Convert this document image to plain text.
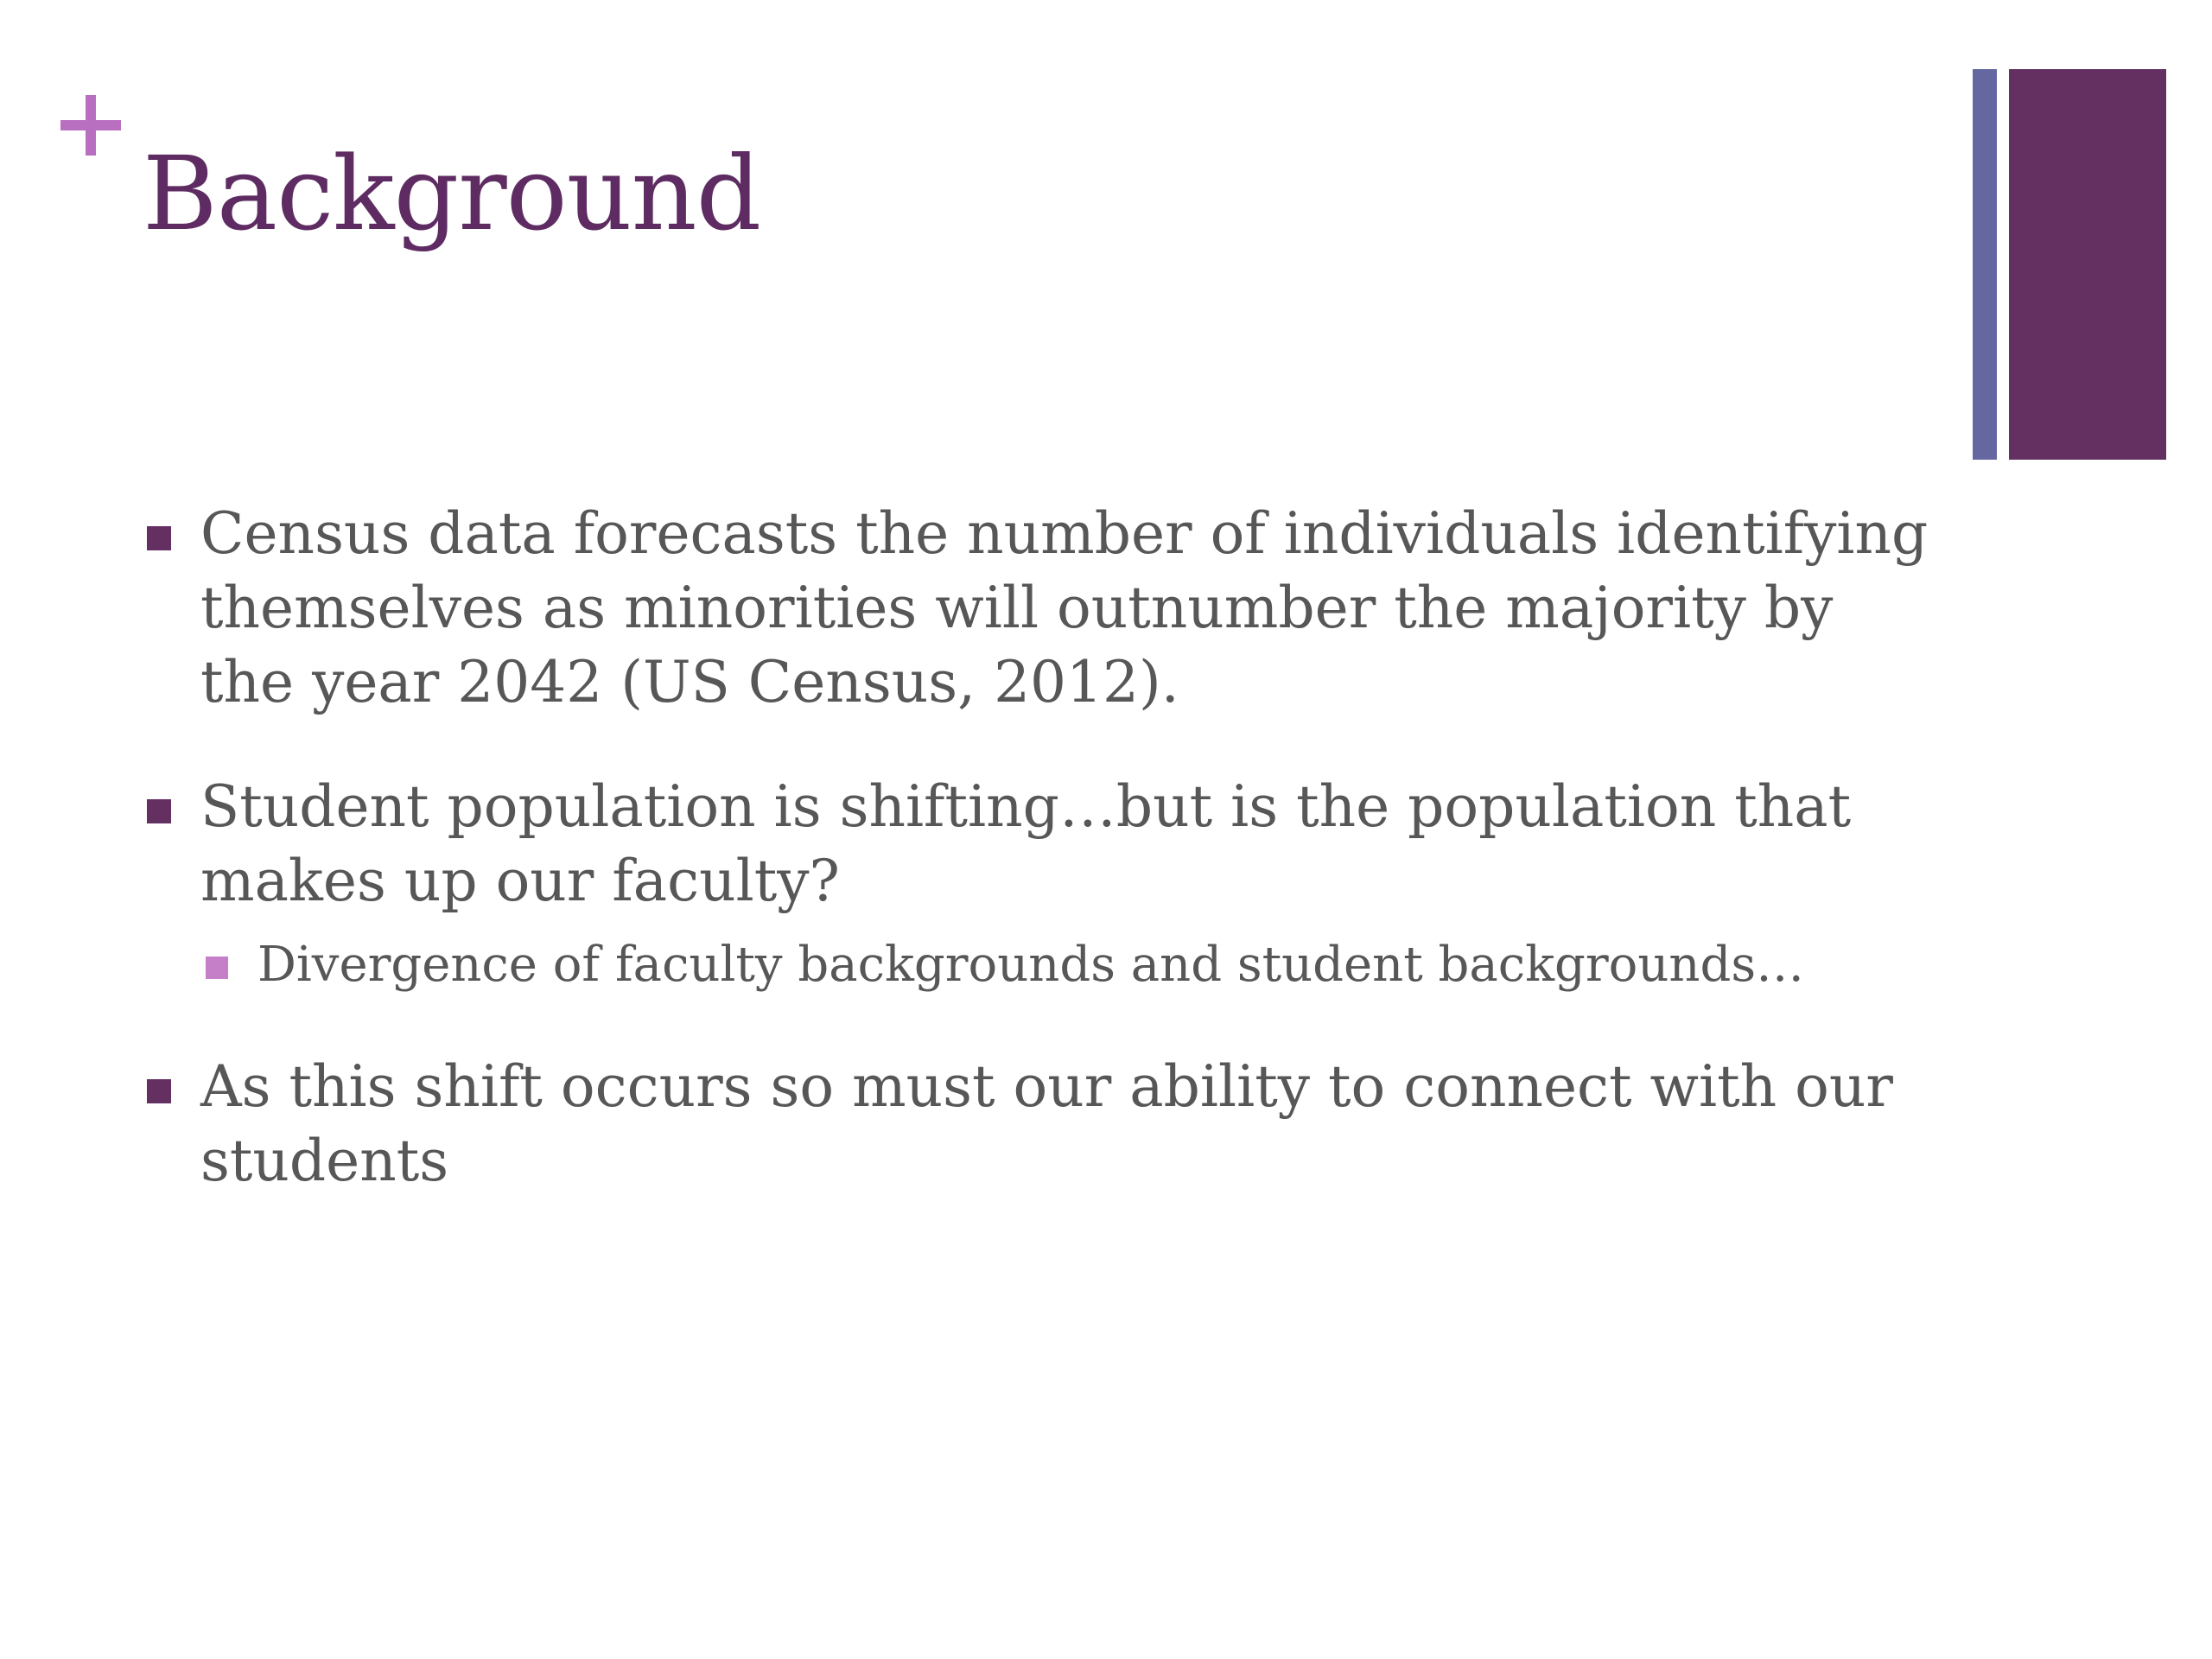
Background
Census data forecasts the number of individuals identifying themselves as minorities will outnumber the majority by the year 2042 (US Census, 2012).
Student population is shifting…but is the population that makes up our faculty?
Divergence of faculty backgrounds and student backgrounds…
As this shift occurs so must our ability to connect with our students
